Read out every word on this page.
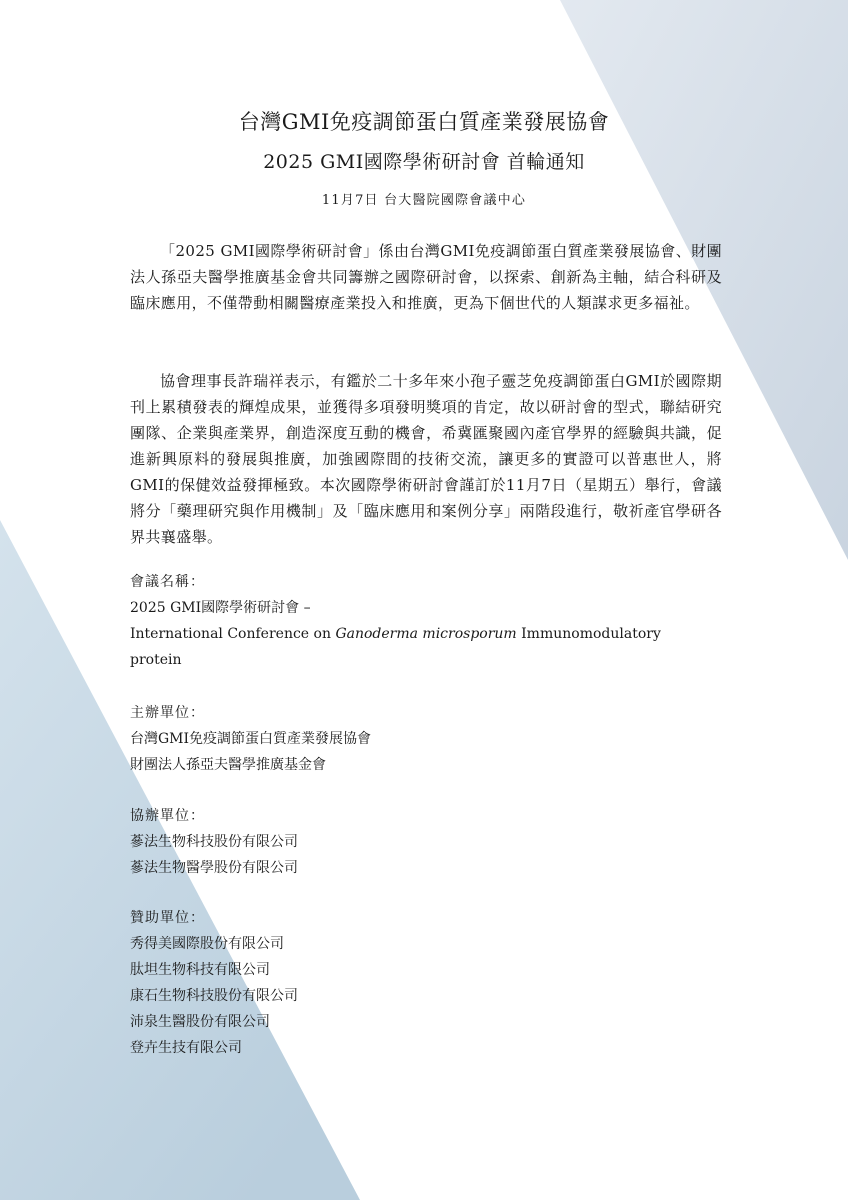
台灣GMI免疫調節蛋白質產業發展協會
2025 GMI國際學術研討會 首輪通知
11月7日 台大醫院國際會議中心

「2025 GMI國際學術研討會」係由台灣GMI免疫調節蛋白質產業發展協會、財團法人孫亞夫醫學推廣基金會共同籌辦之國際研討會，以探索、創新為主軸，結合科研及臨床應用，不僅帶動相關醫療產業投入和推廣，更為下個世代的人類謀求更多福祉。

協會理事長許瑞祥表示，有鑑於二十多年來小孢子靈芝免疫調節蛋白GMI於國際期刊上累積發表的輝煌成果，並獲得多項發明獎項的肯定，故以研討會的型式，聯結研究團隊、企業與產業界，創造深度互動的機會，希冀匯聚國內產官學界的經驗與共識，促進新興原料的發展與推廣，加強國際間的技術交流，讓更多的實證可以普惠世人，將GMI的保健效益發揮極致。本次國際學術研討會謹訂於11月7日（星期五）舉行，會議將分「藥理研究與作用機制」及「臨床應用和案例分享」兩階段進行，敬祈產官學研各界共襄盛舉。

會議名稱：
2025 GMI國際學術研討會 –
International Conference on Ganoderma microsporum Immunomodulatory
protein
主辦單位：
台灣GMI免疫調節蛋白質產業發展協會
財團法人孫亞夫醫學推廣基金會
協辦單位：
蔘法生物科技股份有限公司
蔘法生物醫學股份有限公司
贊助單位：
秀得美國際股份有限公司
肽坦生物科技有限公司
康石生物科技股份有限公司
沛泉生醫股份有限公司
登卉生技有限公司
